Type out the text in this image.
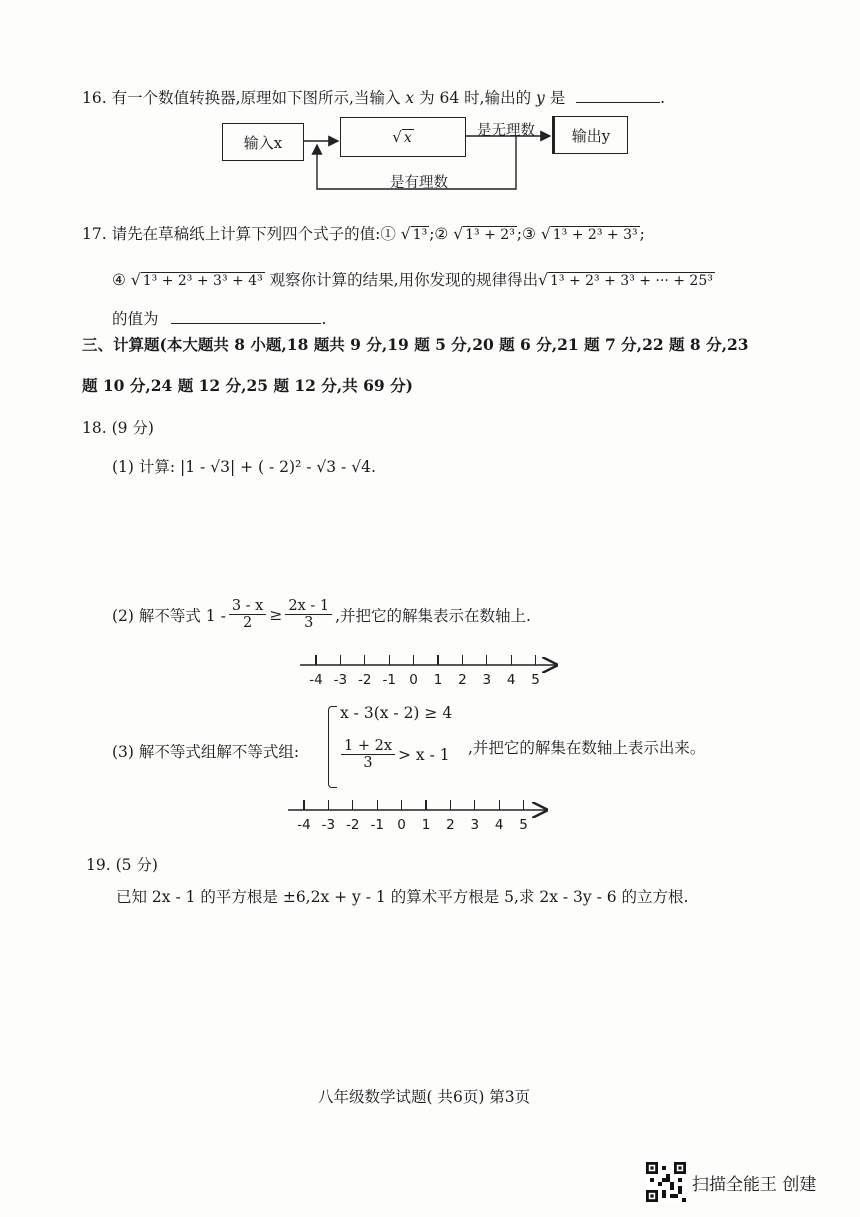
16. 有一个数值转换器,原理如下图所示,当输入 x 为 64 时,输出的 y 是	.
输入x	√ x	输出y
是无理数
是有理数
17. 请先在草稿纸上计算下列四个式子的值:① √ 1³ ;② √ 1³ + 2³ ;③ √ 1³ + 2³ + 3³ ;
④ √ 1³ + 2³ + 3³ + 4³ 观察你计算的结果,用你发现的规律得出√ 1³ + 2³ + 3³ + ··· + 25³
的值为	.
三、计算题(本大题共 8 小题,18 题共 9 分,19 题 5 分,20 题 6 分,21 题 7 分,22 题 8 分,23
题 10 分,24 题 12 分,25 题 12 分,共 69 分)
18. (9 分)
(1) 计算: |1 - √3| + ( - 2)² - √3 - √4.
(2) 解不等式 $1 - \frac{3 - x}{2} \ge \frac{2x - 1}{3}$ ,并把它的解集表示在数轴上.
-4 -3 -2 -1 0 1 2 3 4 5
(3) 解不等式组解不等式组:
x - 3(x - 2) ≥ 4
$\frac{1 + 2x}{3} > x - 1$ ,并把它的解集在数轴上表示出来。
-4 -3 -2 -1 0 1 2 3 4 5
19. (5 分)
已知 2x - 1 的平方根是 ±6,2x + y - 1 的算术平方根是 5,求 2x - 3y - 6 的立方根.
八年级数学试题( 共6页) 第3页
扫描全能王 创建
